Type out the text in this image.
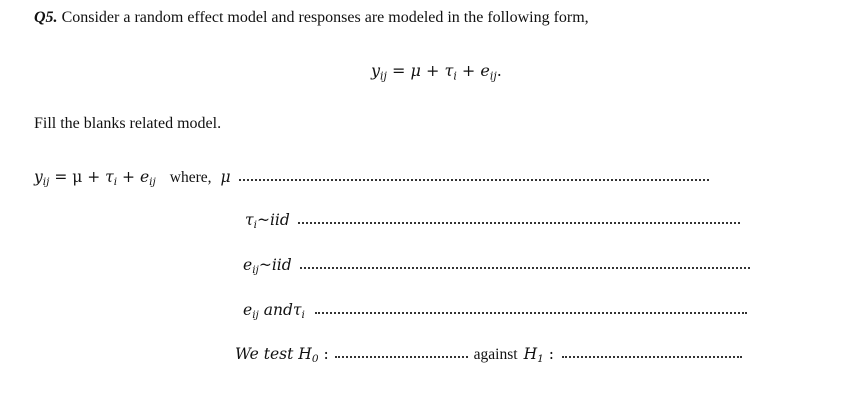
Q5. Consider a random effect model and responses are modeled in the following form,
$y_{ij} = \mu + \tau_i + e_{ij}$.
Fill the blanks related model.
$y_{ij} = \mu + \tau_i + e_{ij}$ where, μ
$\tau_i\sim iid$
$e_{ij}\sim iid$
$e_{ij}$ andτ$_i$
We test $H_0$ :	against $H_1$ :
